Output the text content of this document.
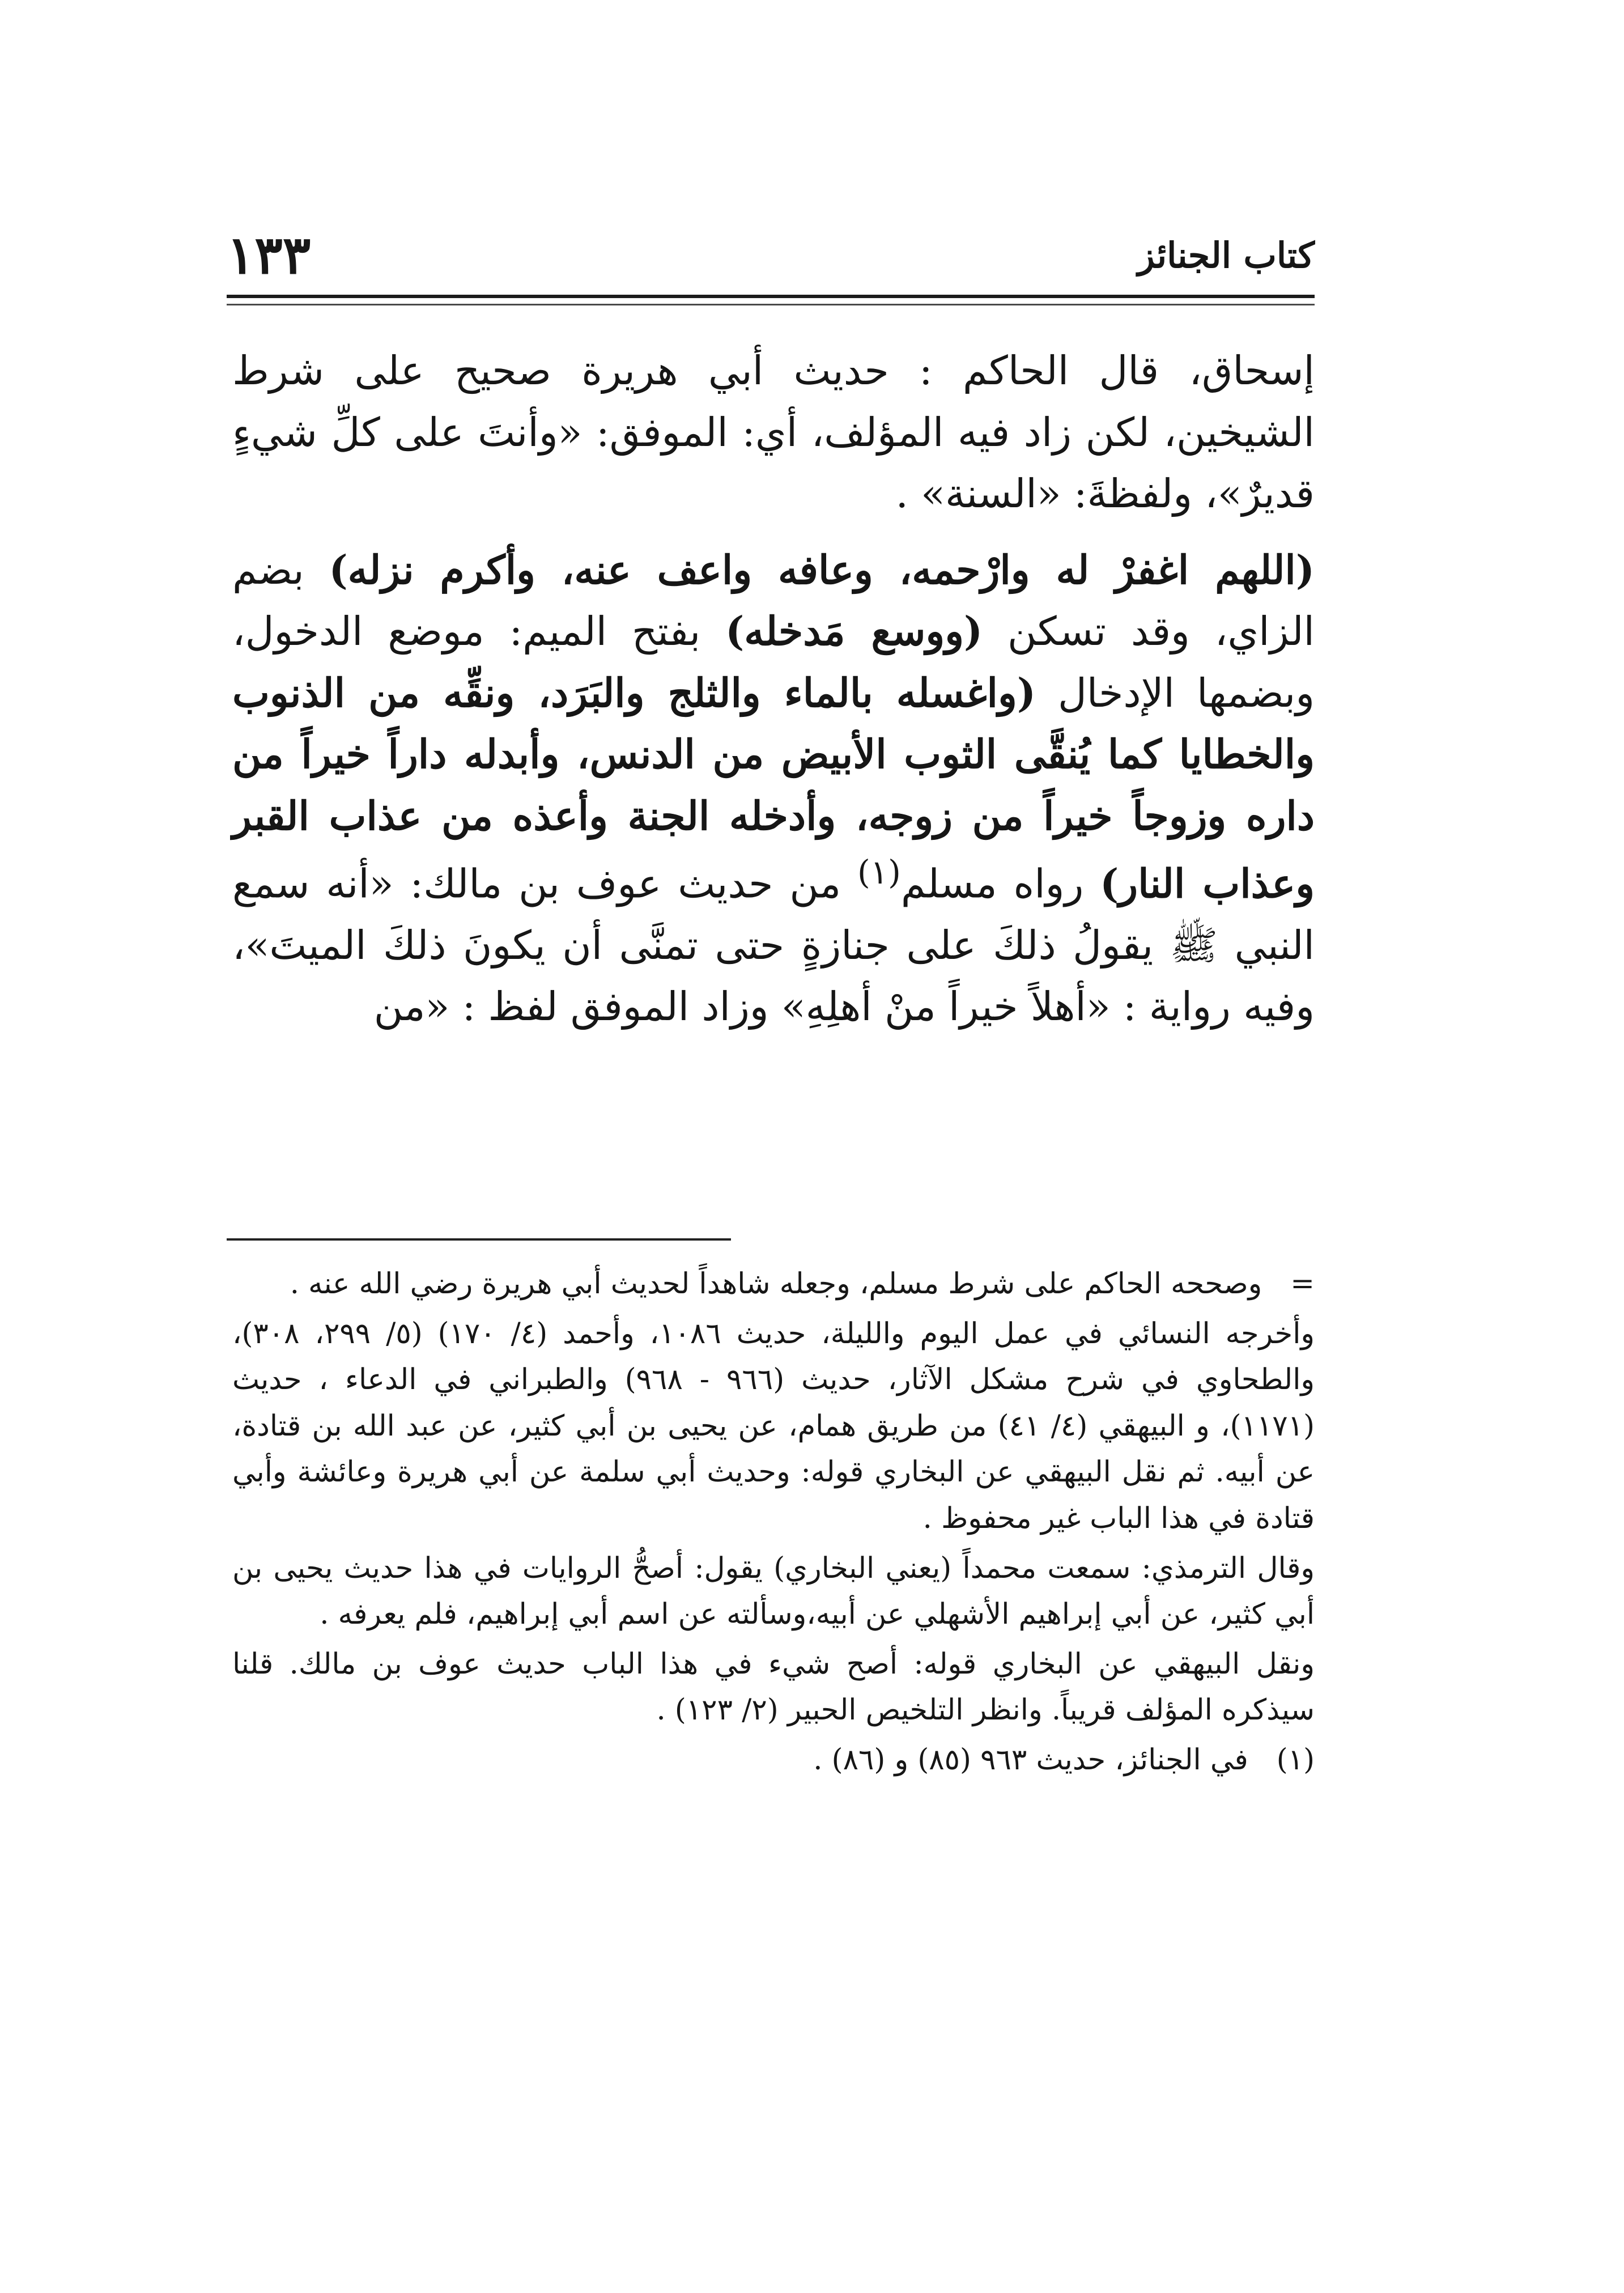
كتاب الجنائز
١٣٣

إسحاق، قال الحاكم : حديث أبي هريرة صحيح على شرط الشيخين، لكن زاد فيه المؤلف، أي: الموفق: «وأنتَ على كلِّ شيءٍ قديرٌ»، ولفظةَ: «السنة» .

(اللهم اغفرْ له وارْحمه، وعافه واعف عنه، وأكرم نزله) بضم الزاي، وقد تسكن (ووسع مَدخله) بفتح الميم: موضع الدخول، وبضمها الإدخال (واغسله بالماء والثلج والبَرَد، ونقِّه من الذنوب والخطايا كما يُنقَّى الثوب الأبيض من الدنس، وأبدله داراً خيراً من داره وزوجاً خيراً من زوجه، وأدخله الجنة وأعذه من عذاب القبر وعذاب النار) رواه مسلم$^{(١)}$ من حديث عوف بن مالك: «أنه سمع النبي ﷺ يقولُ ذلكَ على جنازةٍ حتى تمنَّى أن يكونَ ذلكَ الميتَ»، وفيه رواية : «أهلاً خيراً منْ أهلِهِ» وزاد الموفق لفظ : «من

=وصححه الحاكم على شرط مسلم، وجعله شاهداً لحديث أبي هريرة رضي الله عنه .

وأخرجه النسائي في عمل اليوم والليلة، حديث ١٠٨٦، وأحمد (٤/ ١٧٠) (٥/ ٢٩٩، ٣٠٨)، والطحاوي في شرح مشكل الآثار، حديث (٩٦٦ - ٩٦٨) والطبراني في الدعاء ، حديث (١١٧١)، و البيهقي (٤/ ٤١) من طريق همام، عن يحيى بن أبي كثير، عن عبد الله بن قتادة، عن أبيه. ثم نقل البيهقي عن البخاري قوله: وحديث أبي سلمة عن أبي هريرة وعائشة وأبي قتادة في هذا الباب غير محفوظ .

وقال الترمذي: سمعت محمداً (يعني البخاري) يقول: أصحُّ الروايات في هذا حديث يحيى بن أبي كثير، عن أبي إبراهيم الأشهلي عن أبيه،وسألته عن اسم أبي إبراهيم، فلم يعرفه .

ونقل البيهقي عن البخاري قوله: أصح شيء في هذا الباب حديث عوف بن مالك. قلنا سيذكره المؤلف قريباً. وانظر التلخيص الحبير (٢/ ١٢٣) .

(١)في الجنائز، حديث ٩٦٣ (٨٥) و (٨٦) .
